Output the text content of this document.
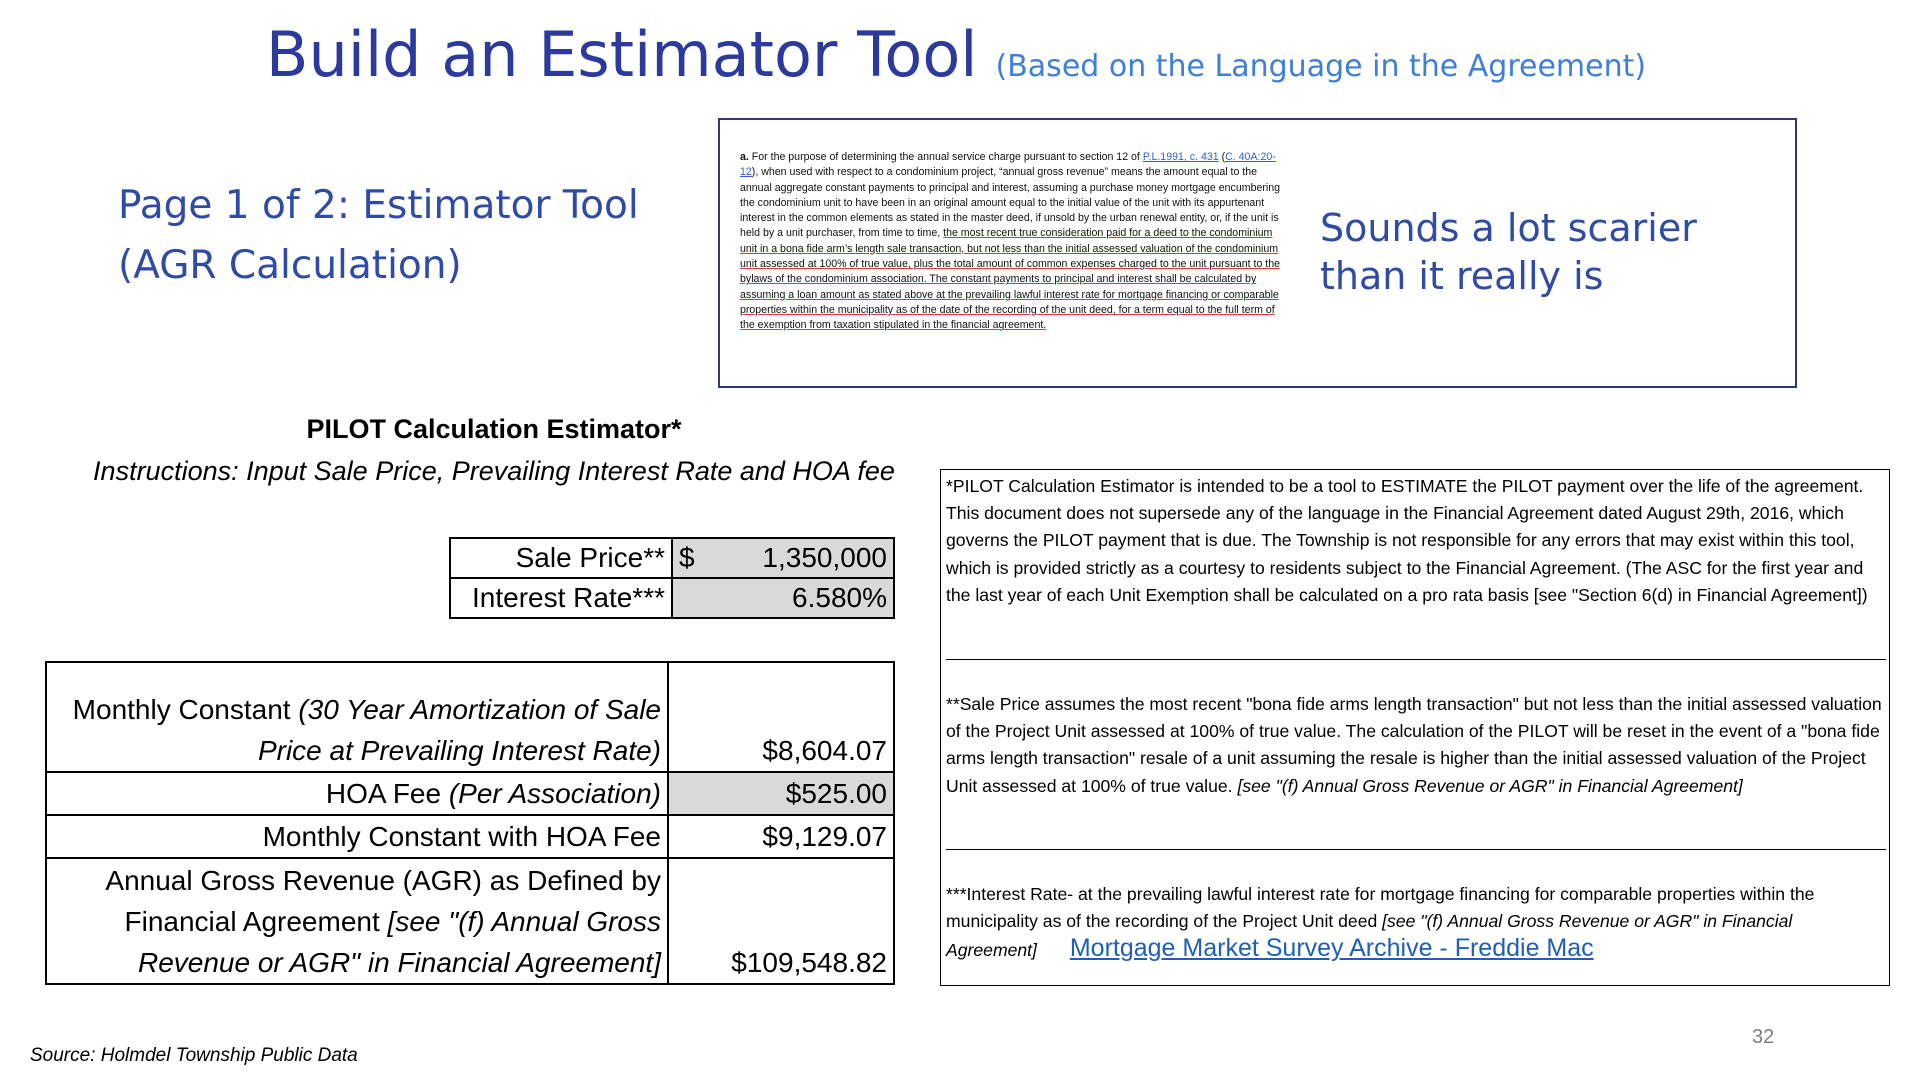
Build an Estimator Tool (Based on the Language in the Agreement)
Page 1 of 2: Estimator Tool
(AGR Calculation)
a. For the purpose of determining the annual service charge pursuant to section 12 of P.L.1991, c. 431 (C. 40A:20-12), when used with respect to a condominium project, “annual gross revenue” means the amount equal to the annual aggregate constant payments to principal and interest, assuming a purchase money mortgage encumbering the condominium unit to have been in an original amount equal to the initial value of the unit with its appurtenant interest in the common elements as stated in the master deed, if unsold by the urban renewal entity, or, if the unit is held by a unit purchaser, from time to time, the most recent true consideration paid for a deed to the condominium unit in a bona fide arm’s length sale transaction, but not less than the initial assessed valuation of the condominium unit assessed at 100% of true value, plus the total amount of common expenses charged to the unit pursuant to the bylaws of the condominium association. The constant payments to principal and interest shall be calculated by assuming a loan amount as stated above at the prevailing lawful interest rate for mortgage financing or comparable properties within the municipality as of the date of the recording of the unit deed, for a term equal to the full term of the exemption from taxation stipulated in the financial agreement.
Sounds a lot scarier
than it really is
PILOT Calculation Estimator*
Instructions: Input Sale Price, Prevailing Interest Rate and HOA fee
Sale Price**	$ 1,350,000

Interest Rate***	6.580%
Monthly Constant (30 Year Amortization of Sale Price at Prevailing Interest Rate)	$8,604.07
HOA Fee (Per Association)	$525.00
Monthly Constant with HOA Fee	$9,129.07
Annual Gross Revenue (AGR) as Defined by Financial Agreement [see "(f) Annual Gross Revenue or AGR" in Financial Agreement]	$109,548.82
*PILOT Calculation Estimator is intended to be a tool to ESTIMATE the PILOT payment over the life of the agreement. This document does not supersede any of the language in the Financial Agreement dated August 29th, 2016, which governs the PILOT payment that is due. The Township is not responsible for any errors that may exist within this tool, which is provided strictly as a courtesy to residents subject to the Financial Agreement. (The ASC for the first year and the last year of each Unit Exemption shall be calculated on a pro rata basis [see "Section 6(d) in Financial Agreement])
**Sale Price assumes the most recent "bona fide arms length transaction" but not less than the initial assessed valuation of the Project Unit assessed at 100% of true value. The calculation of the PILOT will be reset in the event of a "bona fide arms length transaction" resale of a unit assuming the resale is higher than the initial assessed valuation of the Project Unit assessed at 100% of true value. [see "(f) Annual Gross Revenue or AGR" in Financial Agreement]
***Interest Rate- at the prevailing lawful interest rate for mortgage financing for comparable properties within the municipality as of the recording of the Project Unit deed [see "(f) Annual Gross Revenue or AGR" in Financial Agreement] Mortgage Market Survey Archive - Freddie Mac
32
Source: Holmdel Township Public Data
